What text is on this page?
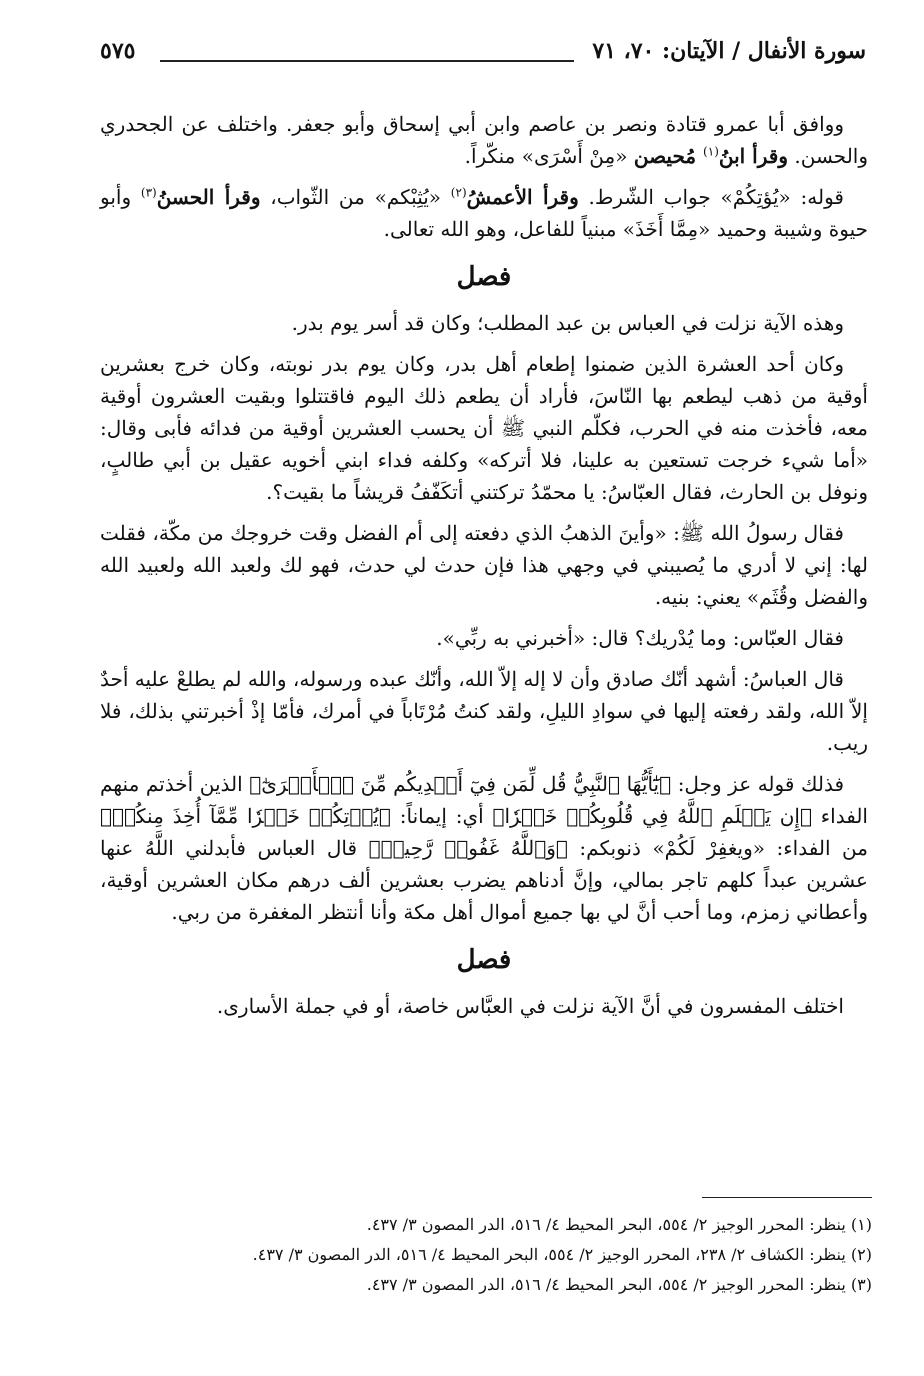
سورة الأنفال / الآيتان: ٧٠، ٧١
٥٧٥

ووافق أبا عمرو قتادة ونصر بن عاصم وابن أبي إسحاق وأبو جعفر. واختلف عن الجحدري والحسن. وقرأ ابنُ$^{(١)}$ مُحيصن «مِنْ أَسْرَى» منكّراً.

قوله: «يُؤتِكُمْ» جواب الشّرط. وقرأ الأعمشُ$^{(٢)}$ «يُثِبْكم» من الثّواب، وقرأ الحسنُ$^{(٣)}$ وأبو حيوة وشيبة وحميد «مِمَّا أَخَذَ» مبنياً للفاعل، وهو الله تعالى.

فصل

وهذه الآية نزلت في العباس بن عبد المطلب؛ وكان قد أسر يوم بدر.

وكان أحد العشرة الذين ضمنوا إطعام أهل بدر، وكان يوم بدر نوبته، وكان خرج بعشرين أوقية من ذهب ليطعم بها النّاسَ، فأراد أن يطعم ذلك اليوم فاقتتلوا وبقيت العشرون أوقية معه، فأخذت منه في الحرب، فكلّم النبي ﷺ أن يحسب العشرين أوقية من فدائه فأبى وقال: «أما شيء خرجت تستعين به علينا، فلا أتركه» وكلفه فداء ابني أخويه عقيل بن أبي طالبٍ، ونوفل بن الحارث، فقال العبّاسُ: يا محمّدُ تركتني أتكَفّفُ قريشاً ما بقيت؟.

فقال رسولُ الله ﷺ: «وأينَ الذهبُ الذي دفعته إلى أم الفضل وقت خروجك من مكّة، فقلت لها: إني لا أدري ما يُصيبني في وجهي هذا فإن حدث لي حدث، فهو لك ولعبد الله ولعبيد الله والفضل وقُثَم» يعني: بنيه.

فقال العبّاس: وما يُدْريك؟ قال: «أخبرني به ربِّي».

قال العباسُ: أشهد أنّك صادق وأن لا إله إلاّ الله، وأنّك عبده ورسوله، والله لم يطلعْ عليه أحدٌ إلاّ الله، ولقد رفعته إليها في سوادِ الليلِ، ولقد كنتُ مُرْتَاباً في أمرك، فأمّا إذْ أخبرتني بذلك، فلا ريب.

فذلك قوله عز وجل: ﴿يَٰٓأَيُّهَا ٱلنَّبِيُّ قُل لِّمَن فِيٓ أَيۡدِيكُم مِّنَ ٱلۡأَسۡرَىٰٓ﴾ الذين أخذتم منهم الفداء ﴿إِن يَعۡلَمِ ٱللَّهُ فِي قُلُوبِكُمۡ خَيۡرٗا﴾ أي: إيماناً: ﴿يُؤۡتِكُمۡ خَيۡرٗا مِّمَّآ أُخِذَ مِنكُمۡ﴾ من الفداء: «ويغفِرْ لَكُمْ» ذنوبكم: ﴿وَٱللَّهُ غَفُورٞ رَّحِيمٞ﴾ قال العباس فأبدلني اللَّهُ عنها عشرين عبداً كلهم تاجر بمالي، وإنَّ أدناهم يضرب بعشرين ألف درهم مكان العشرين أوقية، وأعطاني زمزم، وما أحب أنَّ لي بها جميع أموال أهل مكة وأنا أنتظر المغفرة من ربي.

فصل

اختلف المفسرون في أنَّ الآية نزلت في العبَّاس خاصة، أو في جملة الأسارى.

(١) ينظر: المحرر الوجيز ٢/ ٥٥٤، البحر المحيط ٤/ ٥١٦، الدر المصون ٣/ ٤٣٧.

(٢) ينظر: الكشاف ٢/ ٢٣٨، المحرر الوجيز ٢/ ٥٥٤، البحر المحيط ٤/ ٥١٦، الدر المصون ٣/ ٤٣٧.

(٣) ينظر: المحرر الوجيز ٢/ ٥٥٤، البحر المحيط ٤/ ٥١٦، الدر المصون ٣/ ٤٣٧.
